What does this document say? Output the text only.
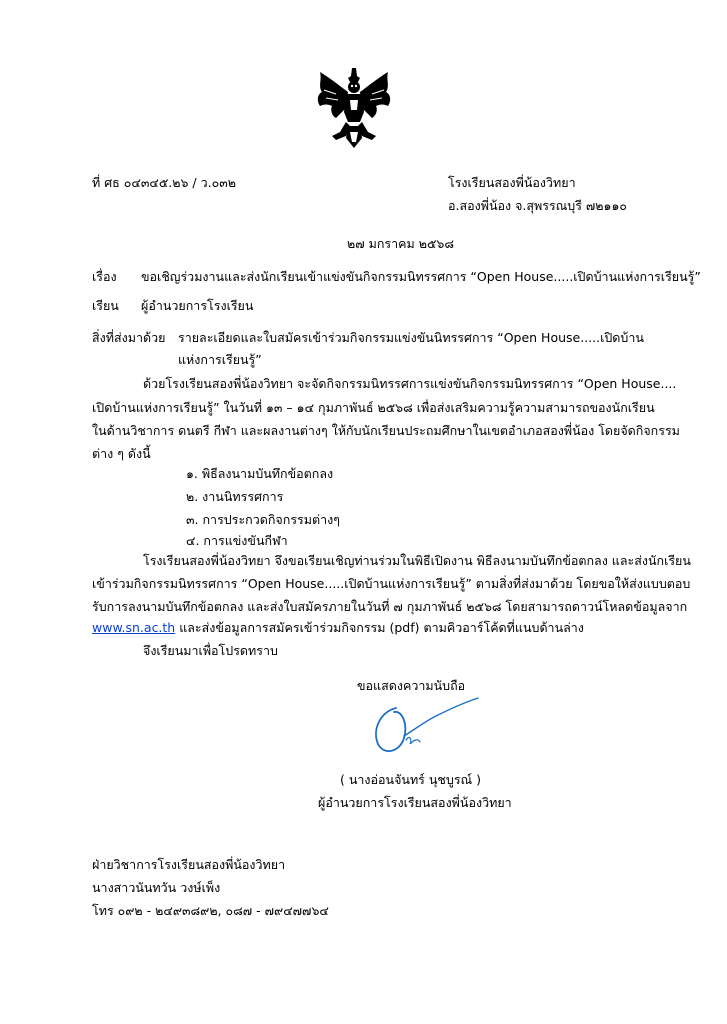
ที่ ศธ ๐๔๓๔๕.๒๖ / ว.๐๓๒	โรงเรียนสองพี่น้องวิทยา
อ.สองพี่น้อง จ.สุพรรณบุรี ๗๒๑๑๐
๒๗ มกราคม ๒๕๖๘
เรื่อง ขอเชิญร่วมงานและส่งนักเรียนเข้าแข่งขันกิจกรรมนิทรรศการ “Open House.....เปิดบ้านแห่งการเรียนรู้”
เรียน ผู้อำนวยการโรงเรียน
สิ่งที่ส่งมาด้วย รายละเอียดและใบสมัครเข้าร่วมกิจกรรมแข่งขันนิทรรศการ “Open House.....เปิดบ้าน
แห่งการเรียนรู้”
ด้วยโรงเรียนสองพี่น้องวิทยา จะจัดกิจกรรมนิทรรศการแข่งขันกิจกรรมนิทรรศการ “Open House....
เปิดบ้านแห่งการเรียนรู้” ในวันที่ ๑๓ – ๑๔ กุมภาพันธ์ ๒๕๖๘ เพื่อส่งเสริมความรู้ความสามารถของนักเรียน
ในด้านวิชาการ ดนตรี กีฬา และผลงานต่างๆ ให้กับนักเรียนประถมศึกษาในเขตอำเภอสองพี่น้อง โดยจัดกิจกรรม
ต่าง ๆ ดังนี้
๑. พิธีลงนามบันทึกข้อตกลง
๒. งานนิทรรศการ
๓. การประกวดกิจกรรมต่างๆ
๔. การแข่งขันกีฬา
โรงเรียนสองพี่น้องวิทยา จึงขอเรียนเชิญท่านร่วมในพิธีเปิดงาน พิธีลงนามบันทึกข้อตกลง และส่งนักเรียน
เข้าร่วมกิจกรรมนิทรรศการ “Open House.....เปิดบ้านแห่งการเรียนรู้” ตามสิ่งที่ส่งมาด้วย โดยขอให้ส่งแบบตอบ
รับการลงนามบันทึกข้อตกลง และส่งใบสมัครภายในวันที่ ๗ กุมภาพันธ์ ๒๕๖๘ โดยสามารถดาวน์โหลดข้อมูลจาก
www.sn.ac.th และส่งข้อมูลการสมัครเข้าร่วมกิจกรรม (pdf) ตามคิวอาร์โค้ดที่แนบด้านล่าง
จึงเรียนมาเพื่อโปรดทราบ
ขอแสดงความนับถือ
( นางอ่อนจันทร์ นุชบูรณ์ )
ผู้อำนวยการโรงเรียนสองพี่น้องวิทยา
ฝ่ายวิชาการโรงเรียนสองพี่น้องวิทยา
นางสาวนันทวัน วงษ์เพ็ง
โทร ๐๙๒ - ๒๔๙๓๘๙๒, ๐๘๗ - ๗๙๔๗๗๖๔
